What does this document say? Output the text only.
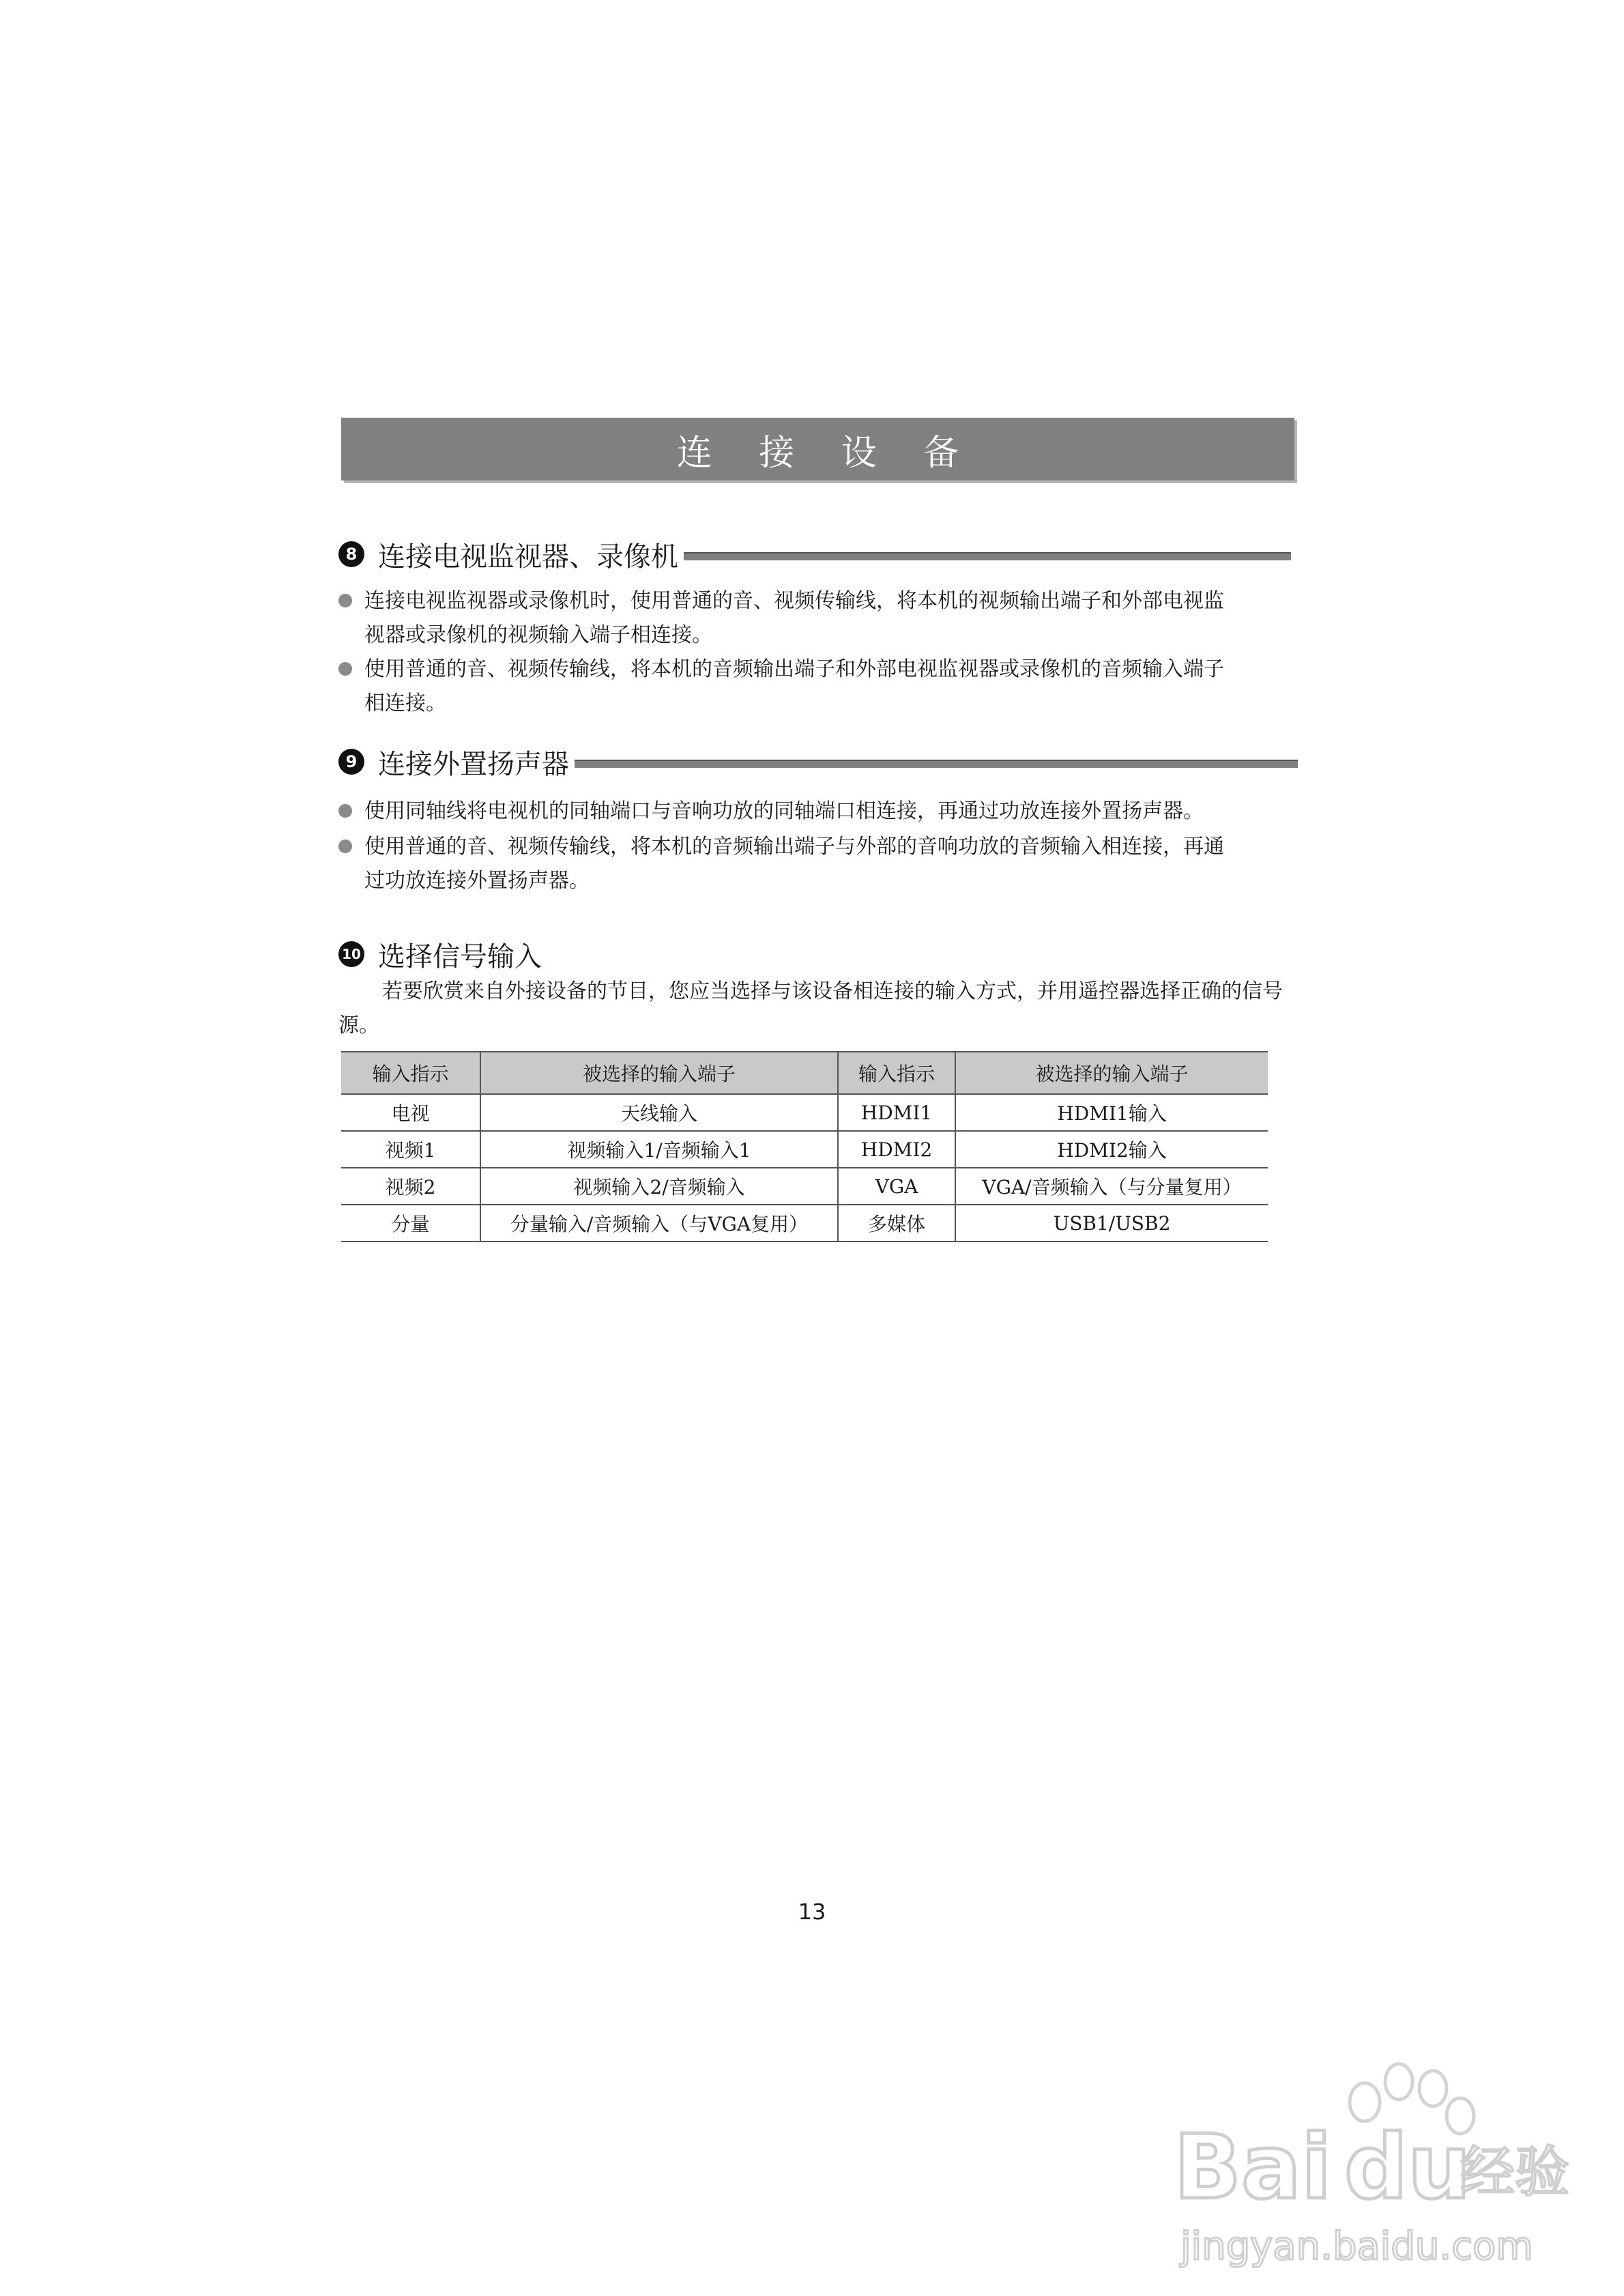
连 接 设 备
8 连接电视监视器、录像机
连接电视监视器或录像机时，使用普通的音、视频传输线，将本机的视频输出端子和外部电视监
视器或录像机的视频输入端子相连接。
使用普通的音、视频传输线，将本机的音频输出端子和外部电视监视器或录像机的音频输入端子
相连接。
9 连接外置扬声器
使用同轴线将电视机的同轴端口与音响功放的同轴端口相连接，再通过功放连接外置扬声器。
使用普通的音、视频传输线，将本机的音频输出端子与外部的音响功放的音频输入相连接，再通
过功放连接外置扬声器。
10 选择信号输入
若要欣赏来自外接设备的节目，您应当选择与该设备相连接的输入方式，并用遥控器选择正确的信号源。
输入指示	被选择的输入端子	输入指示	被选择的输入端子
电视	天线输入	HDMI1	HDMI1输入
视频1	视频输入1/音频输入1	HDMI2	HDMI2输入
视频2	视频输入2/音频输入	VGA	VGA/音频输入（与分量复用）
分量	分量输入/音频输入（与VGA复用）	多媒体	USB1/USB2
13
Bai du
经验
jingyan.baidu.com
